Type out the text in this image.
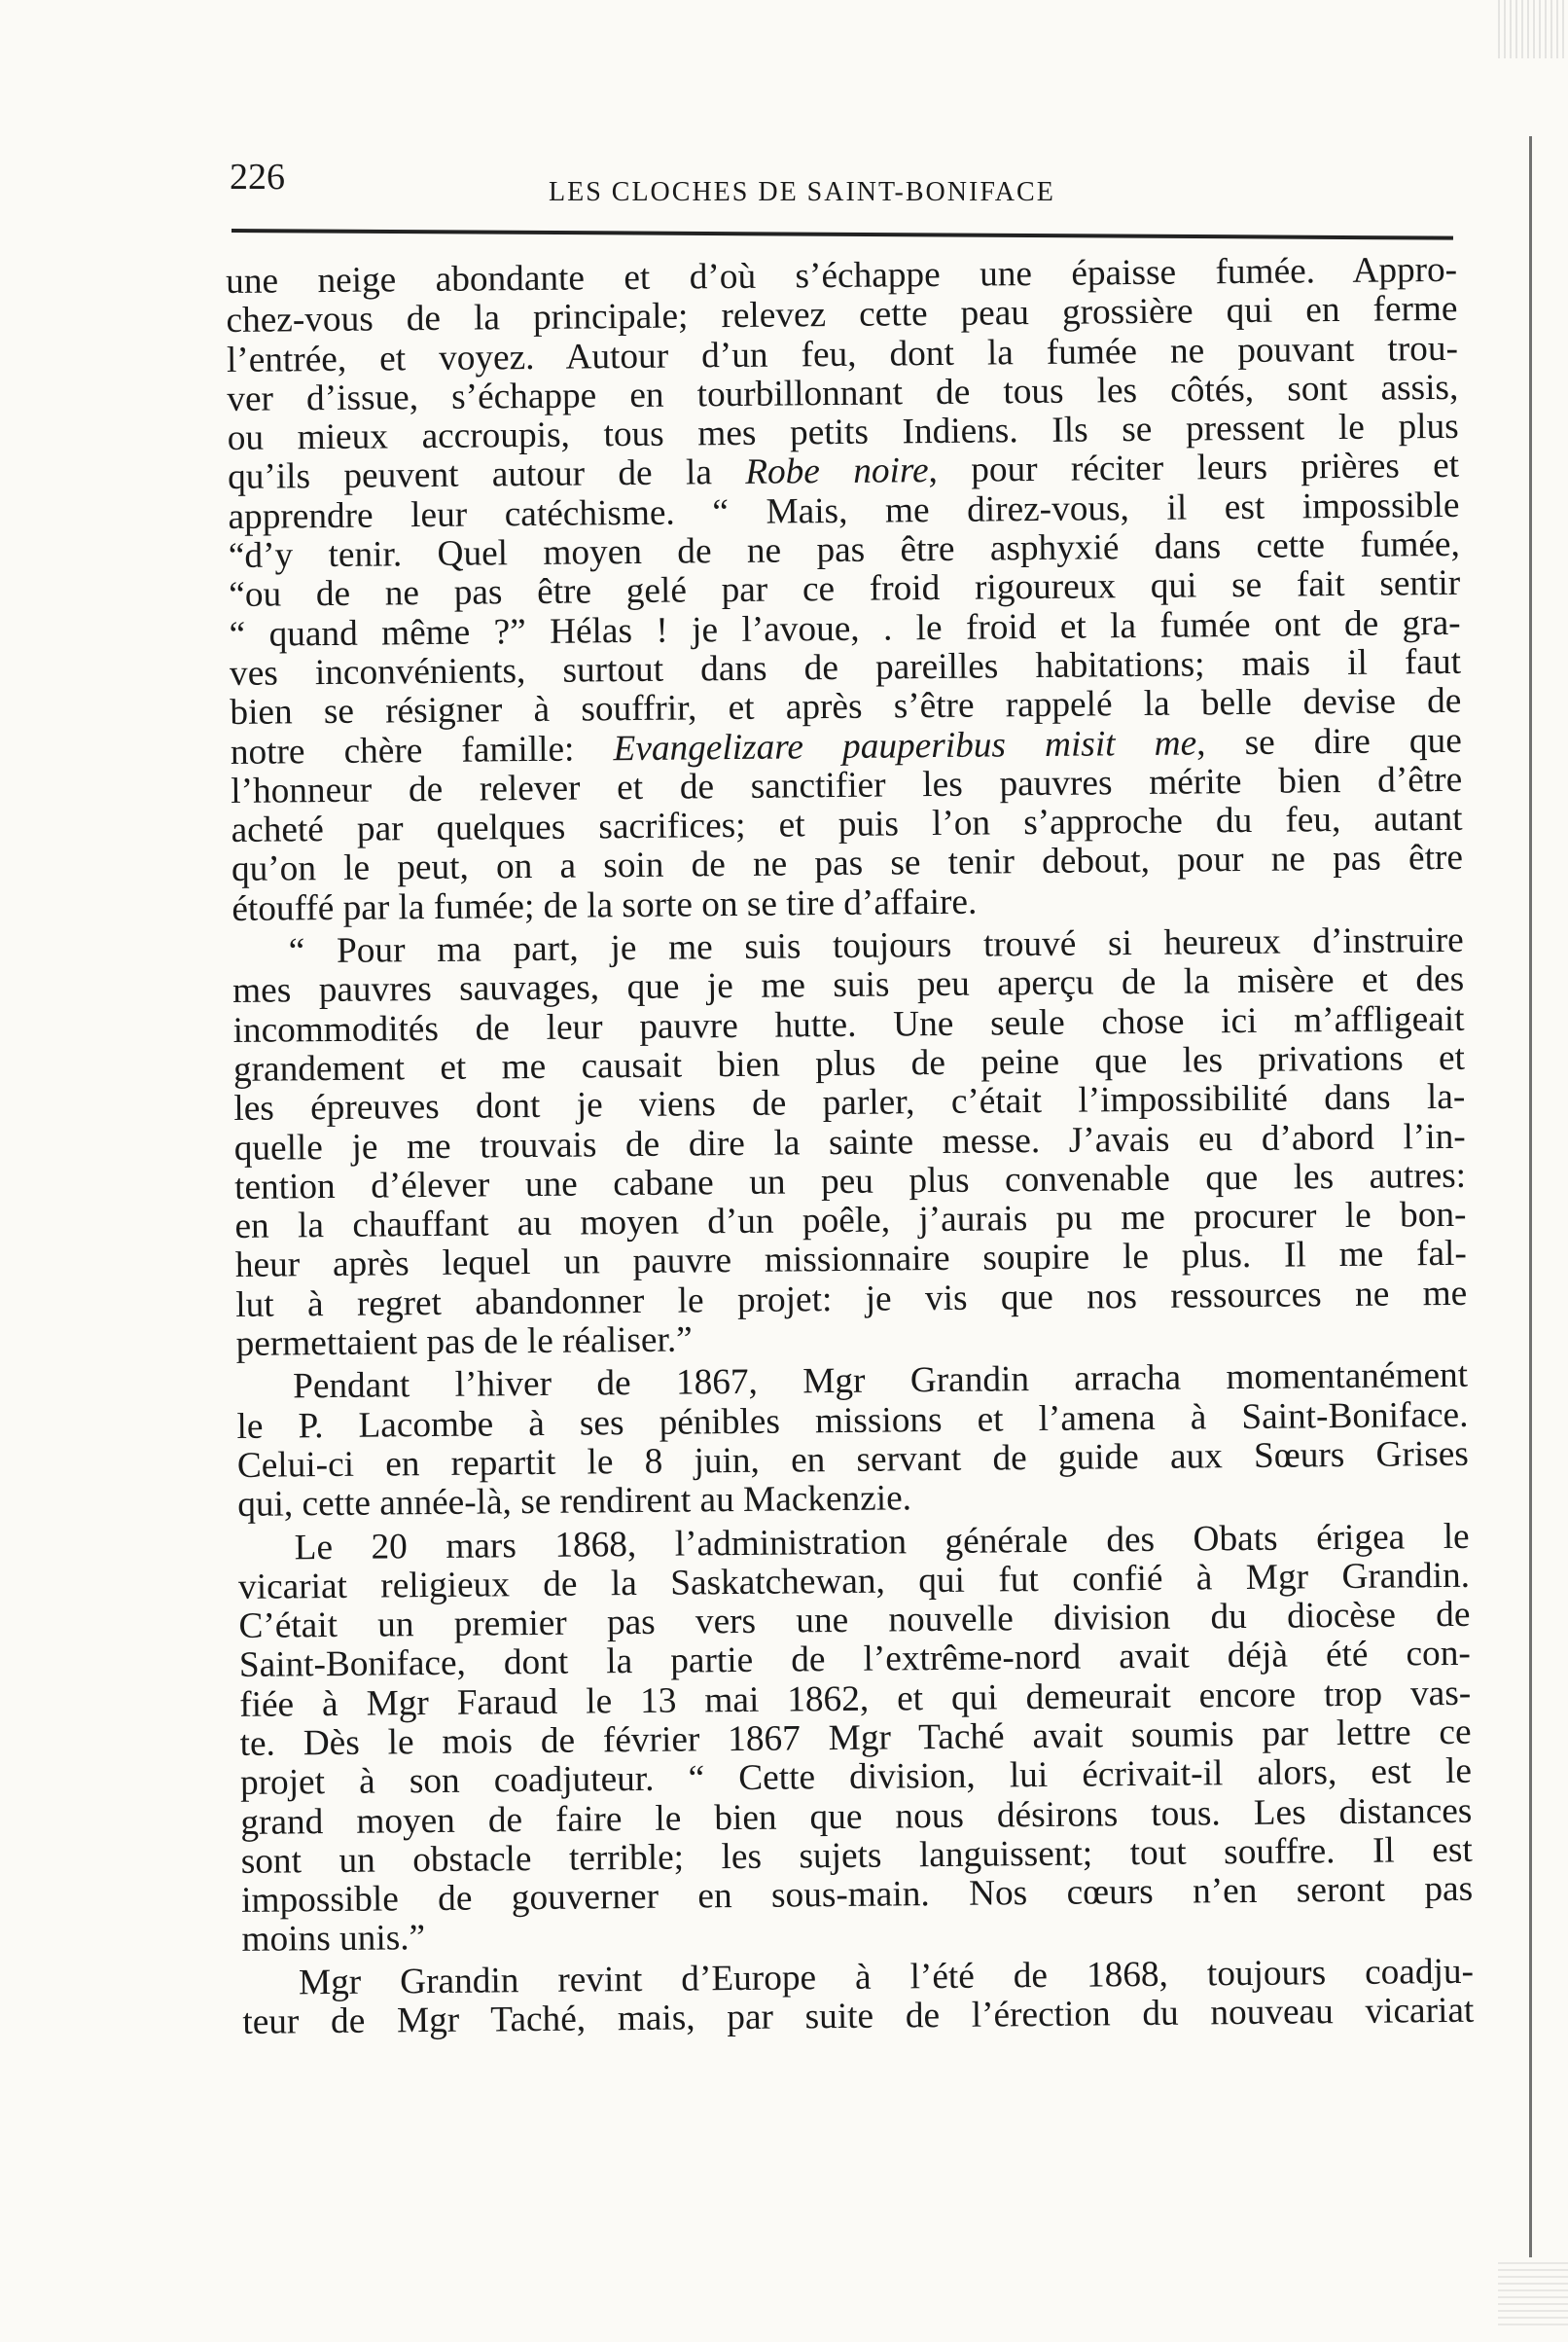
226	LES CLOCHES DE SAINT-BONIFACE
une neige abondante et d’où s’échappe une épaisse fumée. Appro-
chez-vous de la principale; relevez cette peau grossière qui en ferme
l’entrée, et voyez. Autour d’un feu, dont la fumée ne pouvant trou-
ver d’issue, s’échappe en tourbillonnant de tous les côtés, sont assis,
ou mieux accroupis, tous mes petits Indiens. Ils se pressent le plus
qu’ils peuvent autour de la Robe noire, pour réciter leurs prières et
apprendre leur catéchisme. “ Mais, me direz-vous, il est impossible
“d’y tenir. Quel moyen de ne pas être asphyxié dans cette fumée,
“ou de ne pas être gelé par ce froid rigoureux qui se fait sentir
“ quand même ?” Hélas ! je l’avoue, . le froid et la fumée ont de gra-
ves inconvénients, surtout dans de pareilles habitations; mais il faut
bien se résigner à souffrir, et après s’être rappelé la belle devise de
notre chère famille: Evangelizare pauperibus misit me, se dire que
l’honneur de relever et de sanctifier les pauvres mérite bien d’être
acheté par quelques sacrifices; et puis l’on s’approche du feu, autant
qu’on le peut, on a soin de ne pas se tenir debout, pour ne pas être
étouffé par la fumée; de la sorte on se tire d’affaire.
“ Pour ma part, je me suis toujours trouvé si heureux d’instruire
mes pauvres sauvages, que je me suis peu aperçu de la misère et des
incommodités de leur pauvre hutte. Une seule chose ici m’affligeait
grandement et me causait bien plus de peine que les privations et
les épreuves dont je viens de parler, c’était l’impossibilité dans la-
quelle je me trouvais de dire la sainte messe. J’avais eu d’abord l’in-
tention d’élever une cabane un peu plus convenable que les autres:
en la chauffant au moyen d’un poêle, j’aurais pu me procurer le bon-
heur après lequel un pauvre missionnaire soupire le plus. Il me fal-
lut à regret abandonner le projet: je vis que nos ressources ne me
permettaient pas de le réaliser.”
Pendant l’hiver de 1867, Mgr Grandin arracha momentanément
le P. Lacombe à ses pénibles missions et l’amena à Saint-Boniface.
Celui-ci en repartit le 8 juin, en servant de guide aux Sœurs Grises
qui, cette année-là, se rendirent au Mackenzie.
Le 20 mars 1868, l’administration générale des Obats érigea le
vicariat religieux de la Saskatchewan, qui fut confié à Mgr Grandin.
C’était un premier pas vers une nouvelle division du diocèse de
Saint-Boniface, dont la partie de l’extrême-nord avait déjà été con-
fiée à Mgr Faraud le 13 mai 1862, et qui demeurait encore trop vas-
te. Dès le mois de février 1867 Mgr Taché avait soumis par lettre ce
projet à son coadjuteur. “ Cette division, lui écrivait-il alors, est le
grand moyen de faire le bien que nous désirons tous. Les distances
sont un obstacle terrible; les sujets languissent; tout souffre. Il est
impossible de gouverner en sous-main. Nos cœurs n’en seront pas
moins unis.”
Mgr Grandin revint d’Europe à l’été de 1868, toujours coadju-
teur de Mgr Taché, mais, par suite de l’érection du nouveau vicariat
